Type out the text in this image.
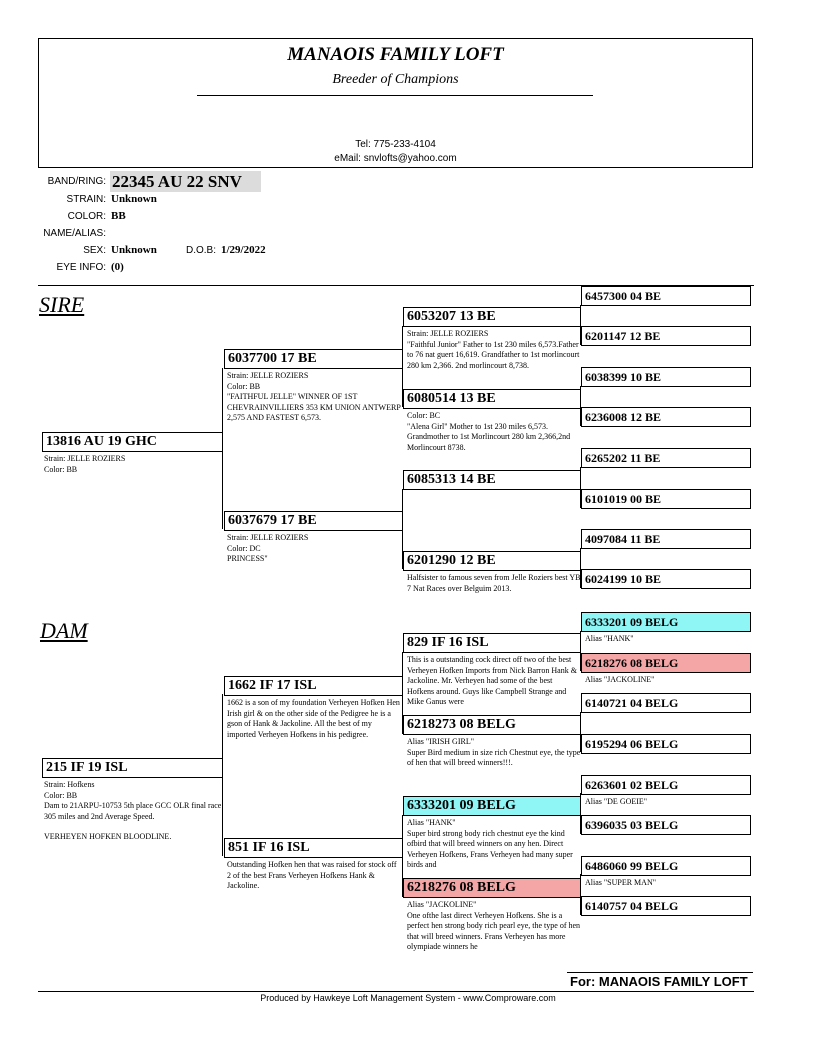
MANAOIS FAMILY LOFT
Breeder of Champions
Tel: 775-233-4104
eMail: snvlofts@yahoo.com
BAND/RING: 22345 AU 22 SNV
STRAIN: Unknown
COLOR: BB
NAME/ALIAS:
SEX: Unknown	D.O.B: 1/29/2022
EYE INFO: (0)
SIRE
DAM
13816 AU 19 GHC
Strain: JELLE ROZIERS
Color: BB
6037700 17 BE
Strain: JELLE ROZIERS
Color: BB
"FAITHFUL JELLE" WINNER OF 1ST CHEVRAINVILLIERS 353 KM UNION ANTWERP 2,575 AND FASTEST 6,573.
6037679 17 BE
Strain: JELLE ROZIERS
Color: DC
PRINCESS"
6053207 13 BE
Strain: JELLE ROZIERS
"Faithful Junior" Father to 1st 230 miles 6,573.Father to 76 nat guert 16,619. Grandfather to 1st morlincourt 280 km 2,366. 2nd morlincourt 8,738.
6080514 13 BE
Color: BC
"Alena Girl" Mother to 1st 230 miles 6,573. Grandmother to 1st Morlincourt 280 km 2,366,2nd Morlincourt 8738.
6085313 14 BE
6201290 12 BE
Halfsister to famous seven from Jelle Roziers best YB 7 Nat Races over Belguim 2013.
6457300 04 BE
6201147 12 BE
6038399 10 BE
6236008 12 BE
6265202 11 BE
6101019 00 BE
4097084 11 BE
6024199 10 BE
215 IF 19 ISL
Strain: Hofkens
Color: BB
Dam to 21ARPU-10753 5th place GCC OLR final race 305 miles and 2nd Average Speed.
VERHEYEN HOFKEN BLOODLINE.
1662 IF 17 ISL
1662 is a son of my foundation Verheyen Hofken Hen Irish girl & on the other side of the Pedigree he is a gson of Hank & Jackoline. All the best of my imported Verheyen Hofkens in his pedigree.
851 IF 16 ISL
Outstanding Hofken hen that was raised for stock off 2 of the best Frans Verheyen Hofkens Hank & Jackoline.
829 IF 16 ISL
This is a outstanding cock direct off two of the best Verheyen Hofken Imports from Nick Barron Hank & Jackoline. Mr. Verheyen had some of the best Hofkens around. Guys like Campbell Strange and Mike Ganus were
6218273 08 BELG
Alias "IRISH GIRL"
Super Bird medium in size rich Chestnut eye, the type of hen that will breed winners!!!.
6333201 09 BELG
Alias "HANK"
Super bird strong body rich chestnut eye the kind ofbird that will breed winners on any hen. Direct Verheyen Hofkens, Frans Verheyen had many super birds and
6218276 08 BELG
Alias "JACKOLINE"
One ofthe last direct Verheyen Hofkens. She is a perfect hen strong body rich pearl eye, the type of hen that will breed winners. Frans Verheyen has more olympiade winners he
6333201 09 BELG
Alias "HANK"
6218276 08 BELG
Alias "JACKOLINE"
6140721 04 BELG
6195294 06 BELG
6263601 02 BELG
Alias "DE GOEIE"
6396035 03 BELG
6486060 99 BELG
Alias "SUPER MAN"
6140757 04 BELG
For: MANAOIS FAMILY LOFT
Produced by Hawkeye Loft Management System - www.Comproware.com
